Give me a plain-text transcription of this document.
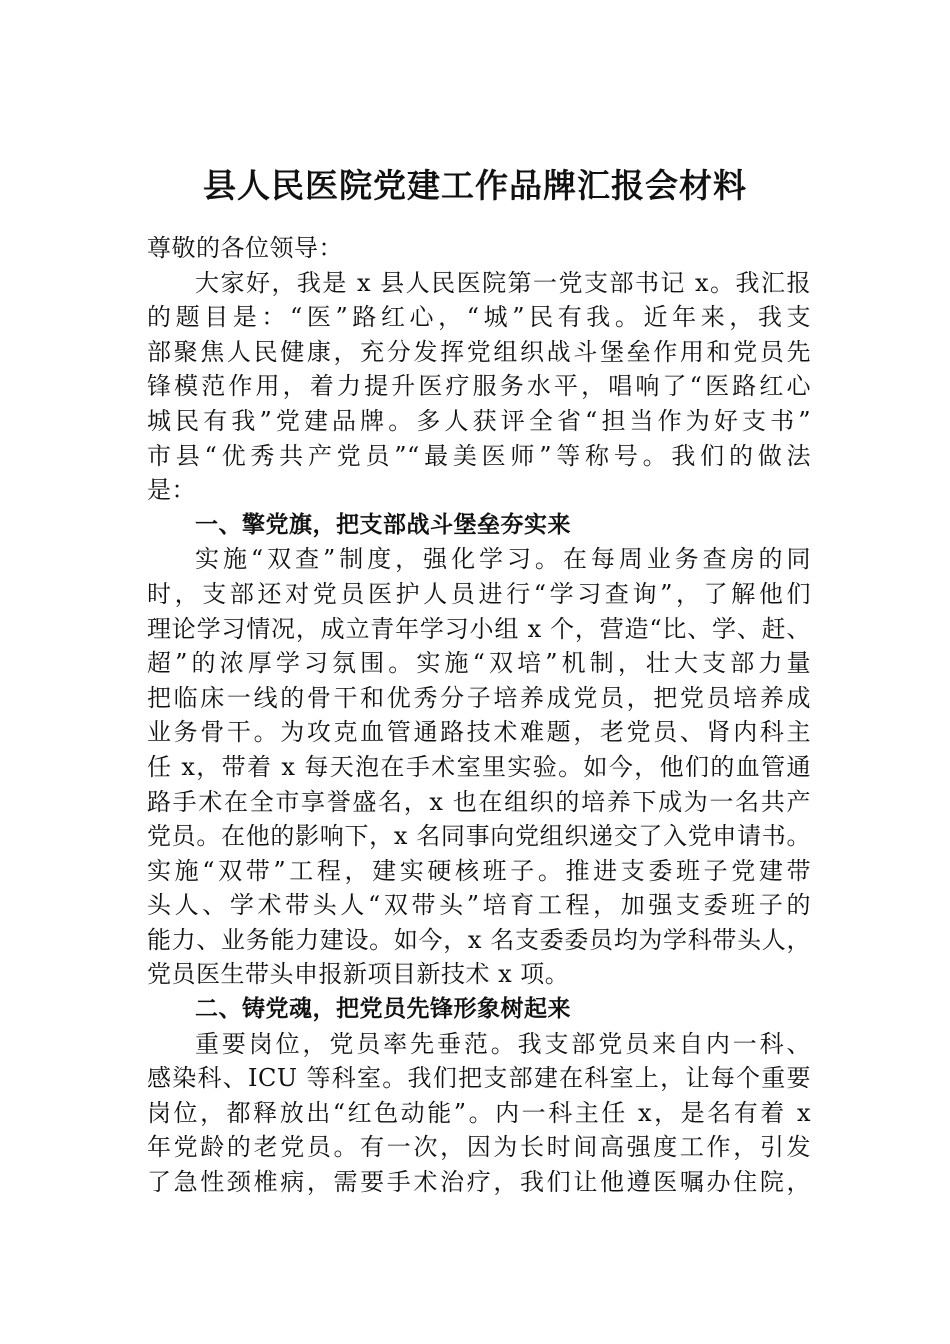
县人民医院党建工作品牌汇报会材料
尊敬的各位领导：
大家好，我是 x 县人民医院第一党支部书记 x。我汇报
的题目是：“医”路红心，“城”民有我。近年来，我支
部聚焦人民健康，充分发挥党组织战斗堡垒作用和党员先
锋模范作用，着力提升医疗服务水平，唱响了“医路红心
城民有我”党建品牌。多人获评全省“担当作为好支书”
市县“优秀共产党员”“最美医师”等称号。我们的做法
是：
一、擎党旗，把支部战斗堡垒夯实来
实施“双查”制度，强化学习。在每周业务查房的同
时，支部还对党员医护人员进行“学习查询”，了解他们
理论学习情况，成立青年学习小组 x 个，营造“比、学、赶、
超”的浓厚学习氛围。实施“双培”机制，壮大支部力量
把临床一线的骨干和优秀分子培养成党员，把党员培养成
业务骨干。为攻克血管通路技术难题，老党员、肾内科主
任 x，带着 x 每天泡在手术室里实验。如今，他们的血管通
路手术在全市享誉盛名，x 也在组织的培养下成为一名共产
党员。在他的影响下，x 名同事向党组织递交了入党申请书。
实施“双带”工程，建实硬核班子。推进支委班子党建带
头人、学术带头人“双带头”培育工程，加强支委班子的
能力、业务能力建设。如今，x 名支委委员均为学科带头人，
党员医生带头申报新项目新技术 x 项。
二、铸党魂，把党员先锋形象树起来
重要岗位，党员率先垂范。我支部党员来自内一科、
感染科、ICU 等科室。我们把支部建在科室上，让每个重要
岗位，都释放出“红色动能”。内一科主任 x，是名有着 x
年党龄的老党员。有一次，因为长时间高强度工作，引发
了急性颈椎病，需要手术治疗，我们让他遵医嘱办住院，
